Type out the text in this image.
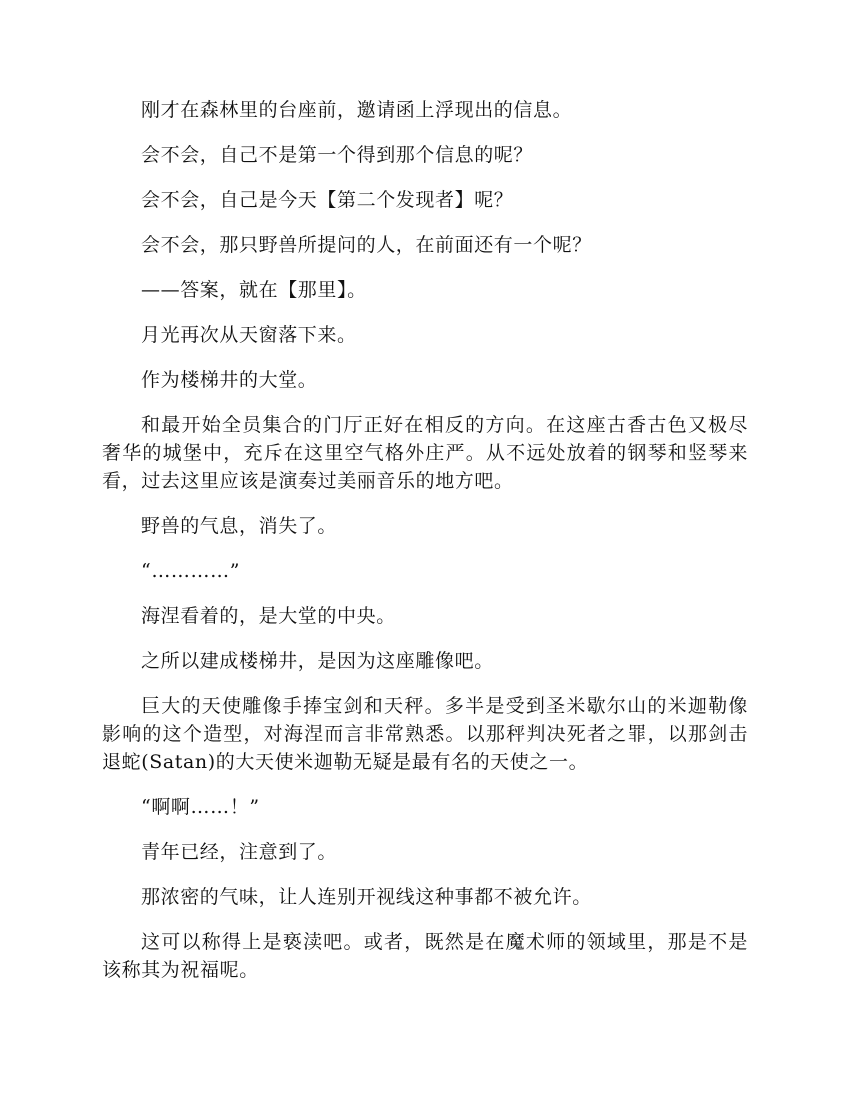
刚才在森林里的台座前，邀请函上浮现出的信息。

会不会，自己不是第一个得到那个信息的呢？

会不会，自己是今天【第二个发现者】呢？

会不会，那只野兽所提问的人，在前面还有一个呢？

——答案，就在【那里】。

月光再次从天窗落下来。

作为楼梯井的大堂。

和最开始全员集合的门厅正好在相反的方向。在这座古香古色又极尽奢华的城堡中，充斥在这里空气格外庄严。从不远处放着的钢琴和竖琴来看，过去这里应该是演奏过美丽音乐的地方吧。

野兽的气息，消失了。

“…………”

海涅看着的，是大堂的中央。

之所以建成楼梯井，是因为这座雕像吧。

巨大的天使雕像手捧宝剑和天秤。多半是受到圣米歇尔山的米迦勒像影响的这个造型，对海涅而言非常熟悉。以那秤判决死者之罪，以那剑击退蛇(Satan)的大天使米迦勒无疑是最有名的天使之一。

“啊啊……！”

青年已经，注意到了。

那浓密的气味，让人连别开视线这种事都不被允许。

这可以称得上是亵渎吧。或者，既然是在魔术师的领域里，那是不是该称其为祝福呢。
